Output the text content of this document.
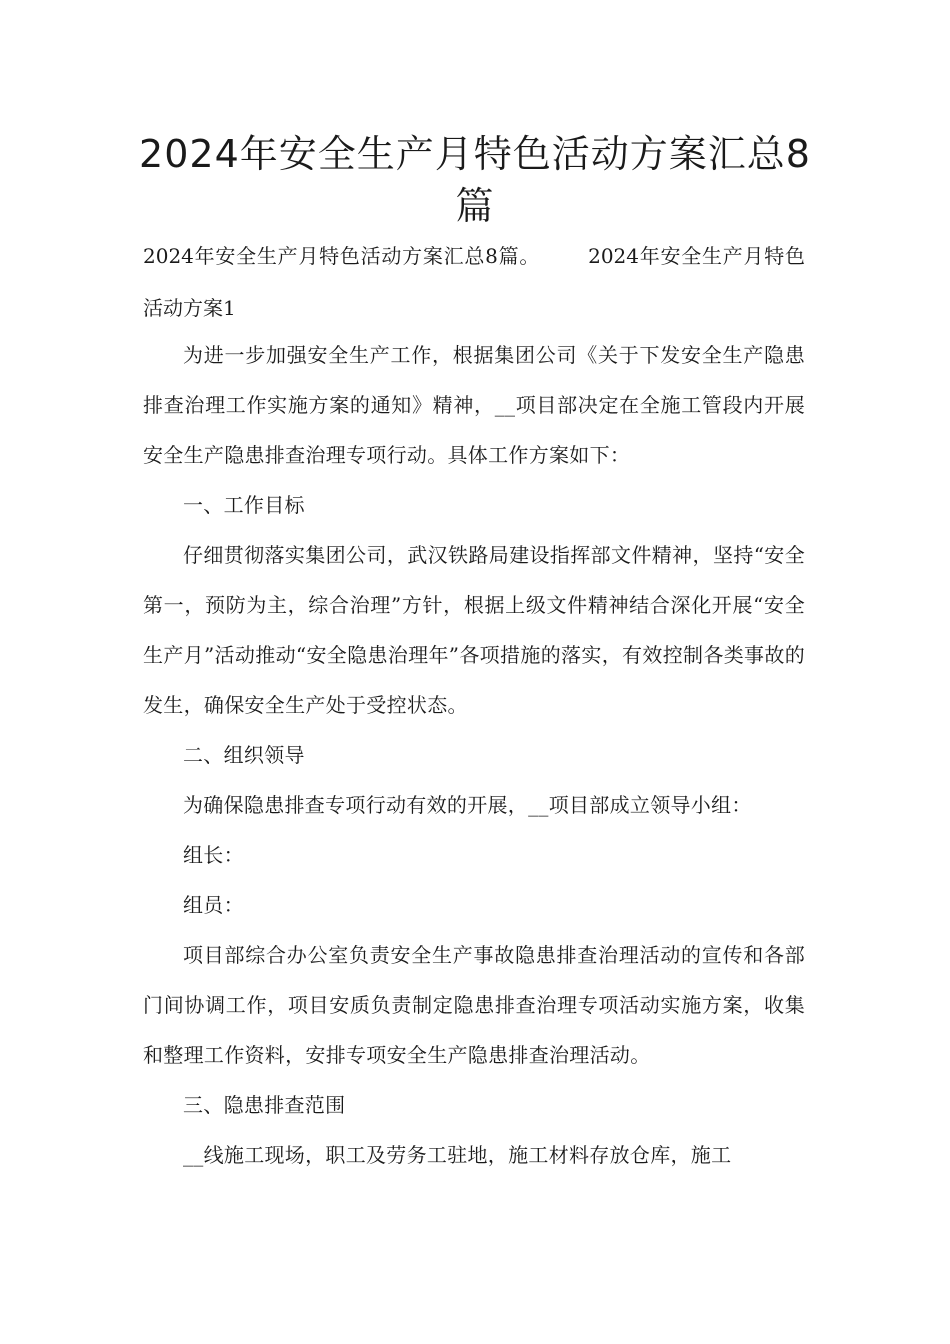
2024年安全生产月特色活动方案汇总8篇
2024年安全生产月特色活动方案汇总8篇。 2024年安全生产月特色活动方案1

为进一步加强安全生产工作，根据集团公司《关于下发安全生产隐患排查治理工作实施方案的通知》精神，__项目部决定在全施工管段内开展安全生产隐患排查治理专项行动。具体工作方案如下：

一、工作目标

仔细贯彻落实集团公司，武汉铁路局建设指挥部文件精神，坚持“安全第一，预防为主，综合治理”方针，根据上级文件精神结合深化开展“安全生产月”活动推动“安全隐患治理年”各项措施的落实，有效控制各类事故的发生，确保安全生产处于受控状态。

二、组织领导

为确保隐患排查专项行动有效的开展，__项目部成立领导小组：

组长：

组员：

项目部综合办公室负责安全生产事故隐患排查治理活动的宣传和各部门间协调工作，项目安质负责制定隐患排查治理专项活动实施方案，收集和整理工作资料，安排专项安全生产隐患排查治理活动。

三、隐患排查范围

__线施工现场，职工及劳务工驻地，施工材料存放仓库，施工
